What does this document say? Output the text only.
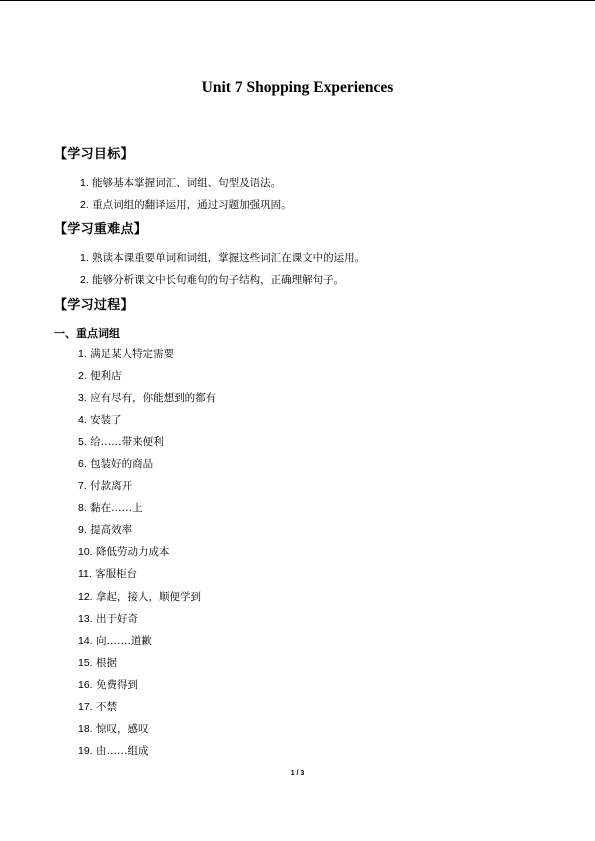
Unit 7 Shopping Experiences
【学习目标】
1. 能够基本掌握词汇、词组、句型及语法。
2. 重点词组的翻译运用，通过习题加强巩固。
【学习重难点】
1. 熟读本课重要单词和词组，掌握这些词汇在课文中的运用。
2. 能够分析课文中长句难句的句子结构，正确理解句子。
【学习过程】
一、重点词组
1. 满足某人特定需要
2. 便利店
3. 应有尽有，你能想到的都有
4. 安装了
5. 给……带来便利
6. 包装好的商品
7. 付款离开
8. 黏在……上
9. 提高效率
10. 降低劳动力成本
11. 客服柜台
12. 拿起，接人，顺便学到
13. 出于好奇
14. 向…….道歉
15. 根据
16. 免费得到
17. 不禁
18. 惊叹，感叹
19. 由……组成
1 / 3
